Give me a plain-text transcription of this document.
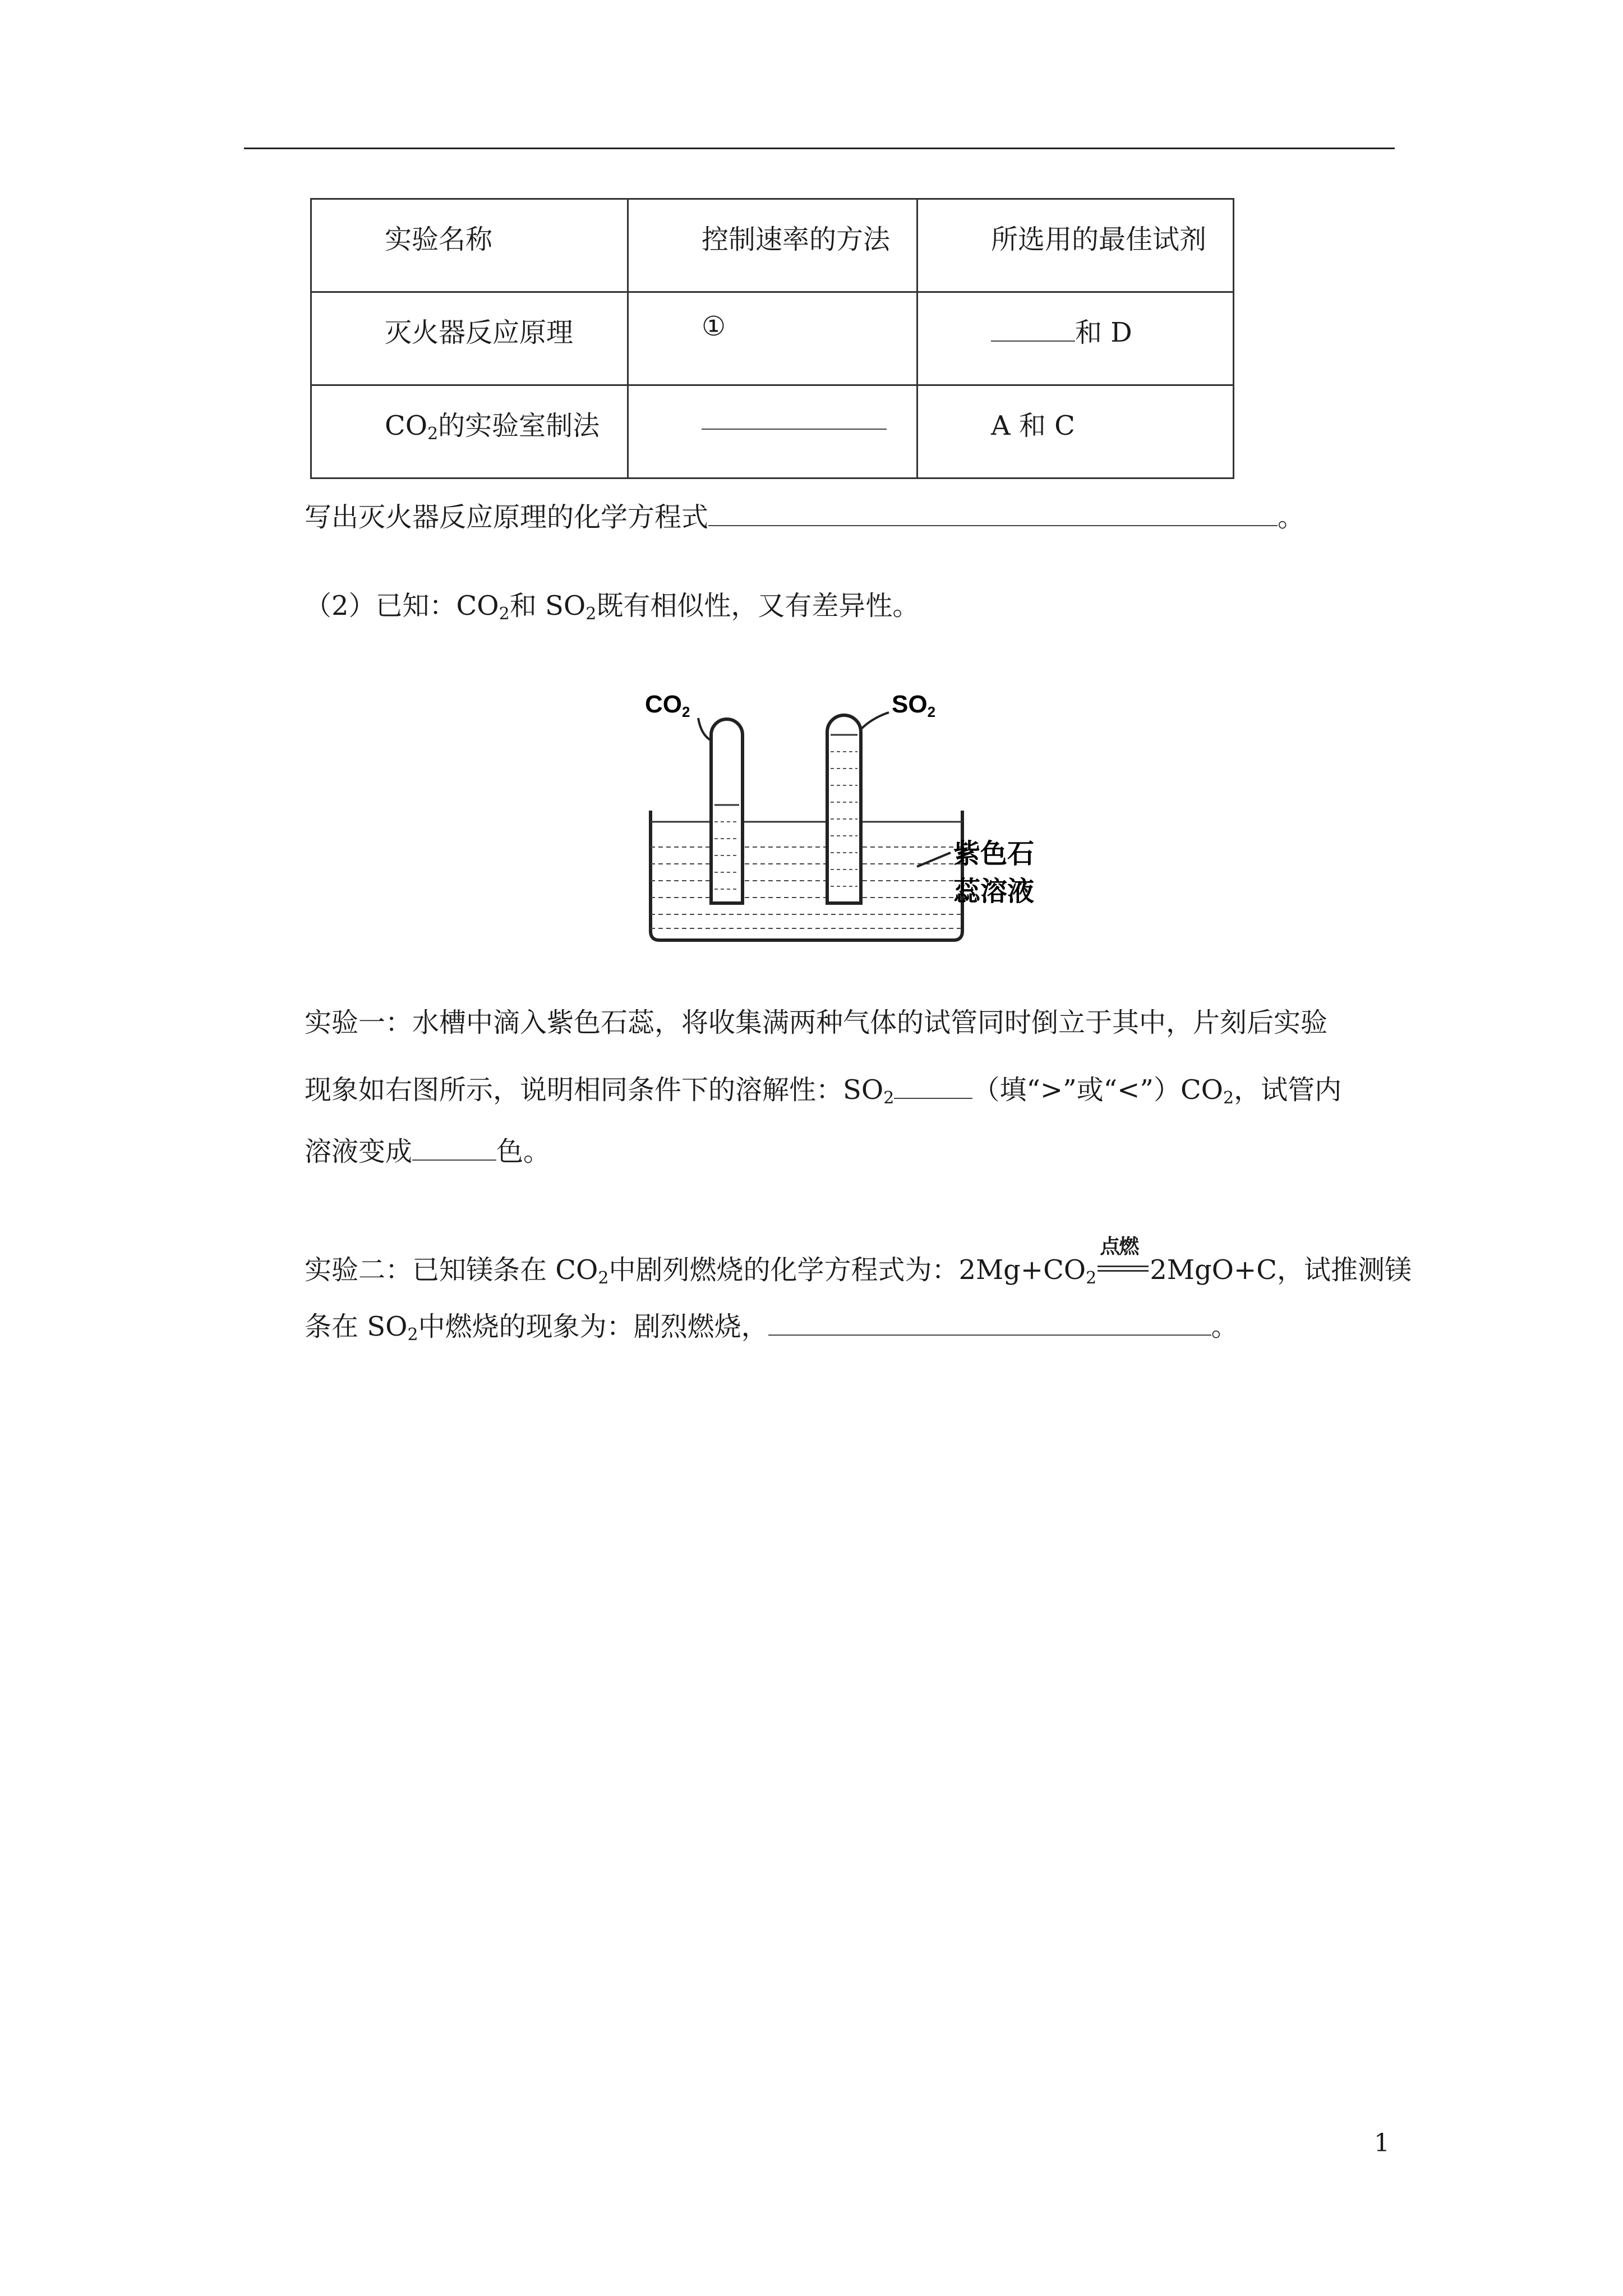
实验名称	控制速率的方法	所选用的最佳试剂

灭火器反应原理	①	和 D

$CO_2$的实验室制法		A 和 C
写出灭火器反应原理的化学方程式	。
（2）已知：$CO_2$和 $SO_2$既有相似性，又有差异性。
CO2	SO2
紫色石
蕊溶液
实验一：水槽中滴入紫色石蕊，将收集满两种气体的试管同时倒立于其中，片刻后实验
现象如右图所示，说明相同条件下的溶解性：$SO_2$	（填“>”或“$<”)CO_2$，试管内
溶液变成	色。
实验二：已知镁条在 $CO_2$中剧列燃烧的化学方程式为：$2Mg+CO_2$
点燃
2MgO+C，试推测镁
条在 $SO_2$中燃烧的现象为：剧烈燃烧，	。
1
